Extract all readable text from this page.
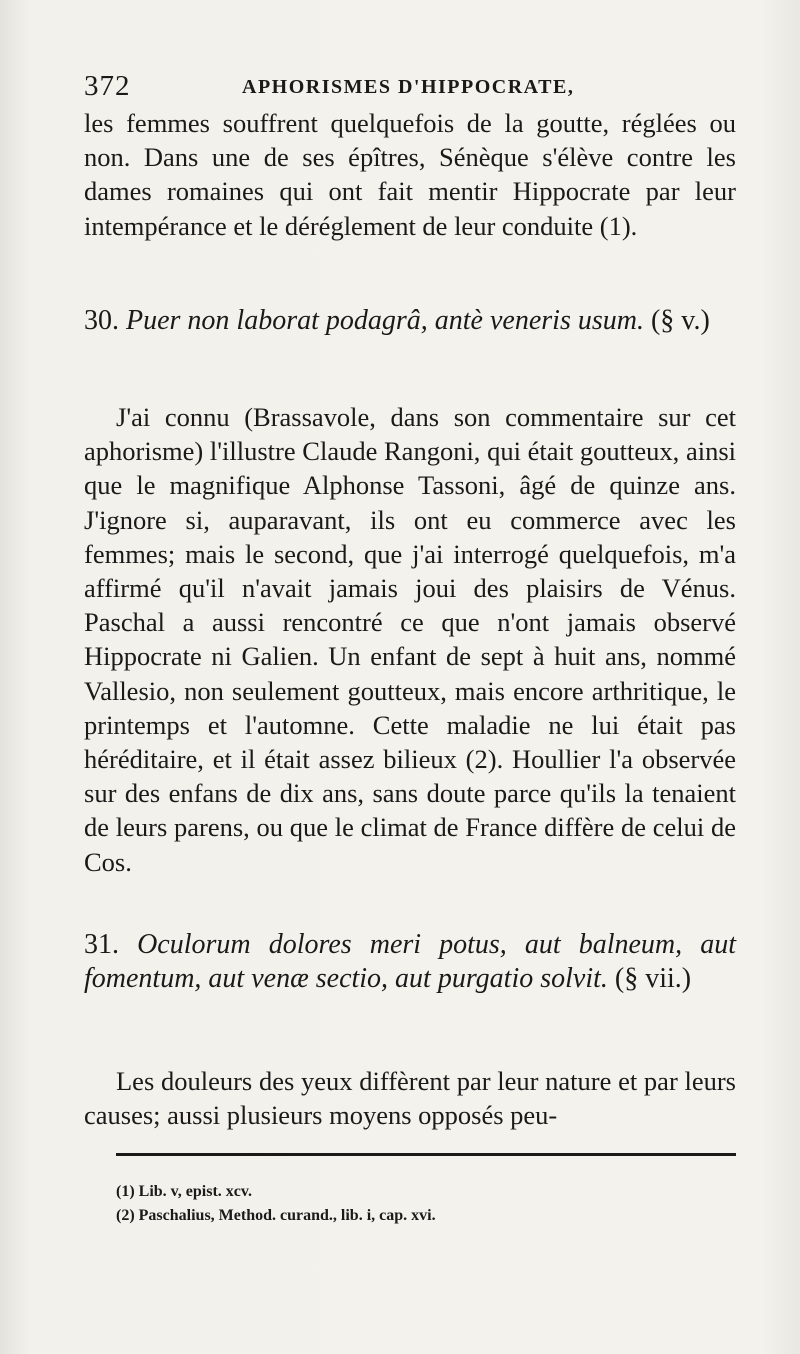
372	APHORISMES D'HIPPOCRATE,

les femmes souffrent quelquefois de la goutte, réglées ou non. Dans une de ses épîtres, Sénèque s'élève contre les dames romaines qui ont fait mentir Hippocrate par leur intempérance et le déréglement de leur conduite (1).

30. Puer non laborat podagrâ, antè veneris usum. (§ v.)

J'ai connu (Brassavole, dans son commentaire sur cet aphorisme) l'illustre Claude Rangoni, qui était goutteux, ainsi que le magnifique Alphonse Tassoni, âgé de quinze ans. J'ignore si, auparavant, ils ont eu commerce avec les femmes; mais le second, que j'ai interrogé quelquefois, m'a affirmé qu'il n'avait jamais joui des plaisirs de Vénus. Paschal a aussi rencontré ce que n'ont jamais observé Hippocrate ni Galien. Un enfant de sept à huit ans, nommé Vallesio, non seulement goutteux, mais encore arthritique, le printemps et l'automne. Cette maladie ne lui était pas héréditaire, et il était assez bilieux (2). Houllier l'a observée sur des enfans de dix ans, sans doute parce qu'ils la tenaient de leurs parens, ou que le climat de France diffère de celui de Cos.

31. Oculorum dolores meri potus, aut balneum, aut fomentum, aut venæ sectio, aut purgatio solvit. (§ vii.)

Les douleurs des yeux diffèrent par leur nature et par leurs causes; aussi plusieurs moyens opposés peu-

(1) Lib. v, epist. xcv.

(2) Paschalius, Method. curand., lib. i, cap. xvi.
